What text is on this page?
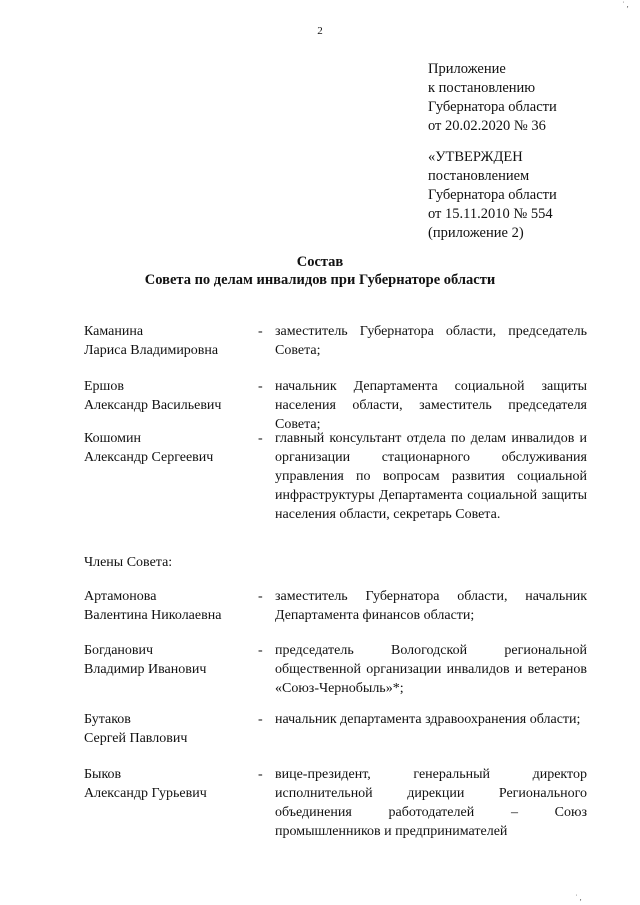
2
Приложение
к постановлению
Губернатора области
от 20.02.2020 № 36
«УТВЕРЖДЕН
постановлением
Губернатора области
от 15.11.2010 № 554
(приложение 2)
Состав
Совета по делам инвалидов при Губернаторе области
Каманина
Лариса Владимировна
- заместитель Губернатора области, председатель Совета;
Ершов
Александр Васильевич
- начальник Департамента социальной защиты населения области, заместитель председателя Совета;
Кошомин
Александр Сергеевич
- главный консультант отдела по делам инвалидов и организации стационарного обслуживания управления по вопросам развития социальной инфраструктуры Департамента социальной защиты населения области, секретарь Совета.
Члены Совета:
Артамонова
Валентина Николаевна
- заместитель Губернатора области, начальник Департамента финансов области;
Богданович
Владимир Иванович
- председатель Вологодской региональной общественной организации инвалидов и ветеранов «Союз-Чернобыль»*;
Бутаков
Сергей Павлович
- начальник департамента здравоохранения области;
Быков
Александр Гурьевич
- вице-президент, генеральный директор исполнительной дирекции Регионального объединения работодателей – Союз промышленников и предпринимателей
˙ ,
˙ ,
